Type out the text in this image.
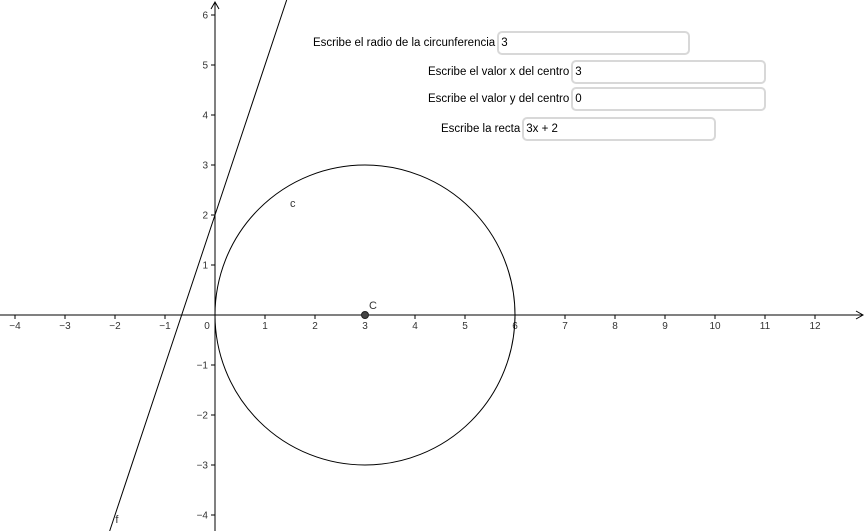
−4	−3	−2	−1	0	1	2	3	4	5	6	7	8	9	10	11	12
6
5
4
3
2
1
−1
−2
−3
−4
c
C
f
Escribe el radio de la circunferencia
3
Escribe el valor x del centro
3
Escribe el valor y del centro
0
Escribe la recta
3x + 2
